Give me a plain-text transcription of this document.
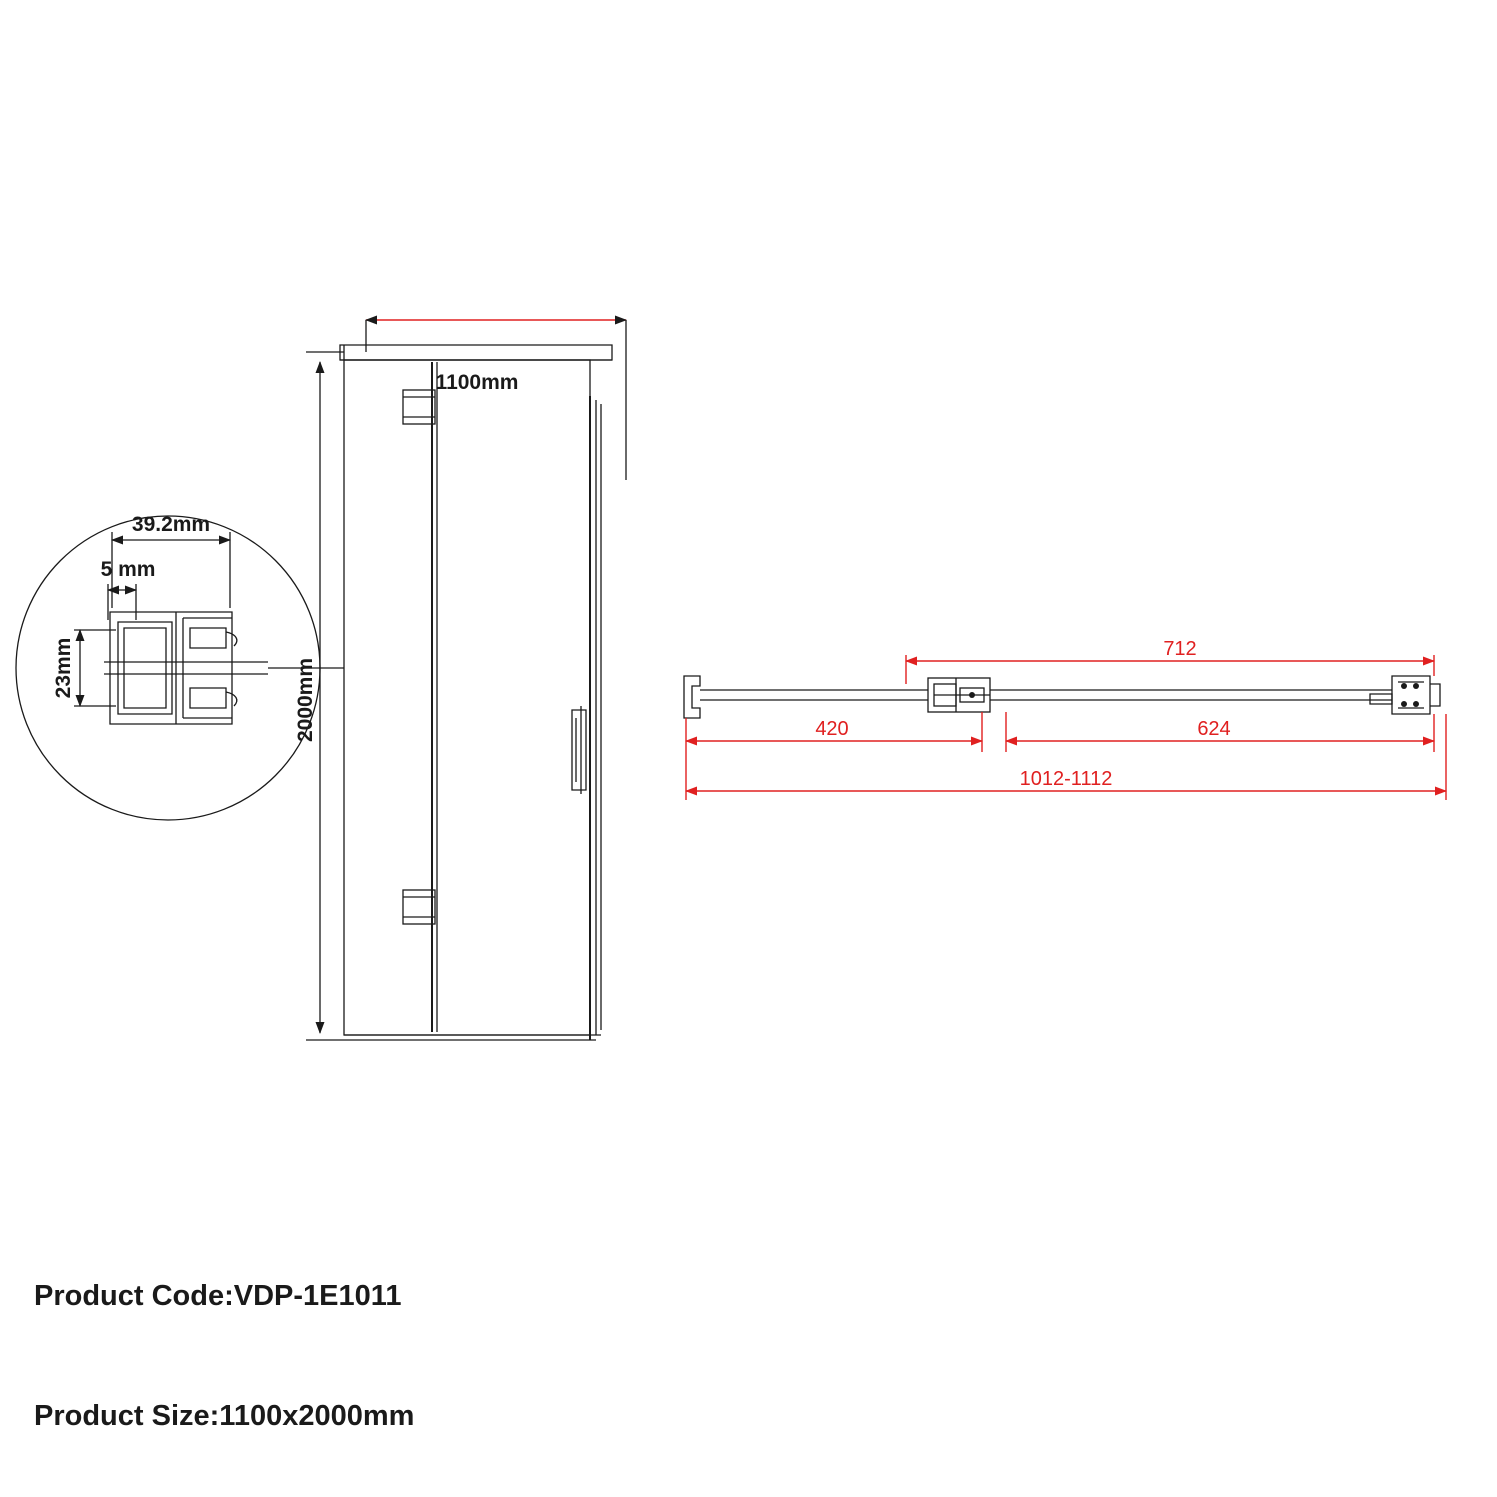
1100mm
2000mm
39.2mm
5 mm
23mm	712
420	624
1012-1112

Product Code:VDP-1E1011

Product Size:1100x2000mm
